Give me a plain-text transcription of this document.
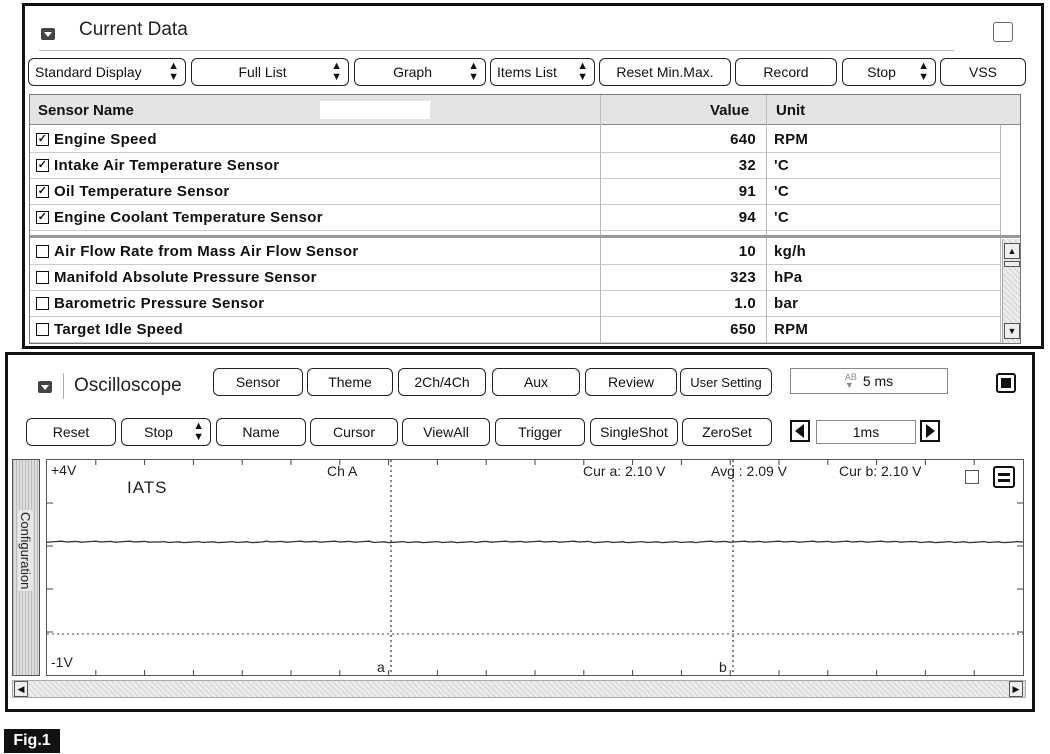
Current Data
Standard Display ▲
▼	Full List	▲
▼	Graph	▲
▼ Items List ▲
▼ Reset Min.Max.	Record	Stop	▲
▼	VSS
Sensor Name	Value Unit
✓ Engine Speed	640 RPM
✓ Intake Air Temperature Sensor	32 'C
✓ Oil Temperature Sensor	91 'C
✓ Engine Coolant Temperature Sensor	94 'C
Air Flow Rate from Mass Air Flow Sensor	10 kg/h
Manifold Absolute Pressure Sensor	323 hPa
Barometric Pressure Sensor	1.0 bar
Target Idle Speed	650 RPM
▲
▼
Oscilloscope	Sensor	Theme	2Ch/4Ch	Aux	Review	User Setting	AB
▼ 5 ms
Reset	Stop	▲
▼	Name	Cursor	ViewAll	Trigger	SingleShot ZeroSet	1ms
Configuration
+4V
-1V
IATS
Ch A	Cur a: 2.10 V	Avg : 2.09 V	Cur b: 2.10 V
a	b
◀	▶
Fig.1
